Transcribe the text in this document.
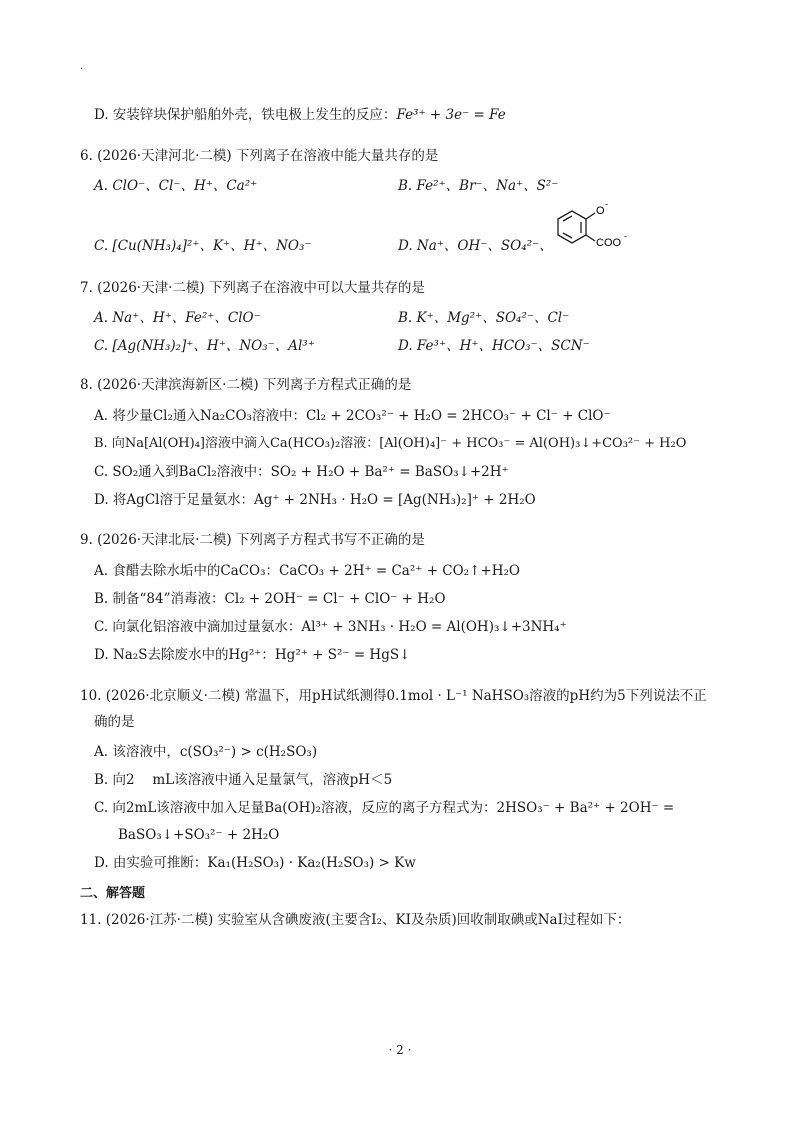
·
D. 安装锌块保护船舶外壳，铁电极上发生的反应：Fe³⁺ + 3e⁻ = Fe
6. (2026·天津河北·二模) 下列离子在溶液中能大量共存的是
A. ClO⁻、Cl⁻、H⁺、Ca²⁺	B. Fe²⁺、Br⁻、Na⁺、S²⁻
C. [Cu(NH₃)₄]²⁺、K⁺、H⁺、NO₃⁻	D. Na⁺、OH⁻、SO₄²⁻、
O
-
COO
-
7. (2026·天津·二模) 下列离子在溶液中可以大量共存的是
A. Na⁺、H⁺、Fe²⁺、ClO⁻	B. K⁺、Mg²⁺、SO₄²⁻、Cl⁻
C. [Ag(NH₃)₂]⁺、H⁺、NO₃⁻、Al³⁺	D. Fe³⁺、H⁺、HCO₃⁻、SCN⁻
8. (2026·天津滨海新区·二模) 下列离子方程式正确的是
A. 将少量Cl₂通入Na₂CO₃溶液中：Cl₂ + 2CO₃²⁻ + H₂O = 2HCO₃⁻ + Cl⁻ + ClO⁻
B. 向Na[Al(OH)₄]溶液中滴入Ca(HCO₃)₂溶液：[Al(OH)₄]⁻ + HCO₃⁻ = Al(OH)₃↓+CO₃²⁻ + H₂O
C. SO₂通入到BaCl₂溶液中：SO₂ + H₂O + Ba²⁺ = BaSO₃↓+2H⁺
D. 将AgCl溶于足量氨水：Ag⁺ + 2NH₃ · H₂O = [Ag(NH₃)₂]⁺ + 2H₂O
9. (2026·天津北辰·二模) 下列离子方程式书写不正确的是
A. 食醋去除水垢中的CaCO₃：CaCO₃ + 2H⁺ = Ca²⁺ + CO₂↑+H₂O
B. 制备“84”消毒液：Cl₂ + 2OH⁻ = Cl⁻ + ClO⁻ + H₂O
C. 向氯化铝溶液中滴加过量氨水：Al³⁺ + 3NH₃ · H₂O = Al(OH)₃↓+3NH₄⁺
D. Na₂S去除废水中的Hg²⁺：Hg²⁺ + S²⁻ = HgS↓
10. (2026·北京顺义·二模) 常温下，用pH试纸测得0.1mol · L⁻¹ NaHSO₃溶液的pH约为5下列说法不正
确的是
A. 该溶液中，c(SO₃²⁻) > c(H₂SO₃)
B. 向2　 mL该溶液中通入足量氯气，溶液pH＜5
C. 向2mL该溶液中加入足量Ba(OH)₂溶液，反应的离子方程式为：2HSO₃⁻ + Ba²⁺ + 2OH⁻ =
BaSO₃↓+SO₃²⁻ + 2H₂O
D. 由实验可推断：Ka₁(H₂SO₃) · Ka₂(H₂SO₃) > Kw
二、解答题
11. (2026·江苏·二模) 实验室从含碘废液(主要含I₂、KI及杂质)回收制取碘或NaI过程如下：
· 2 ·
